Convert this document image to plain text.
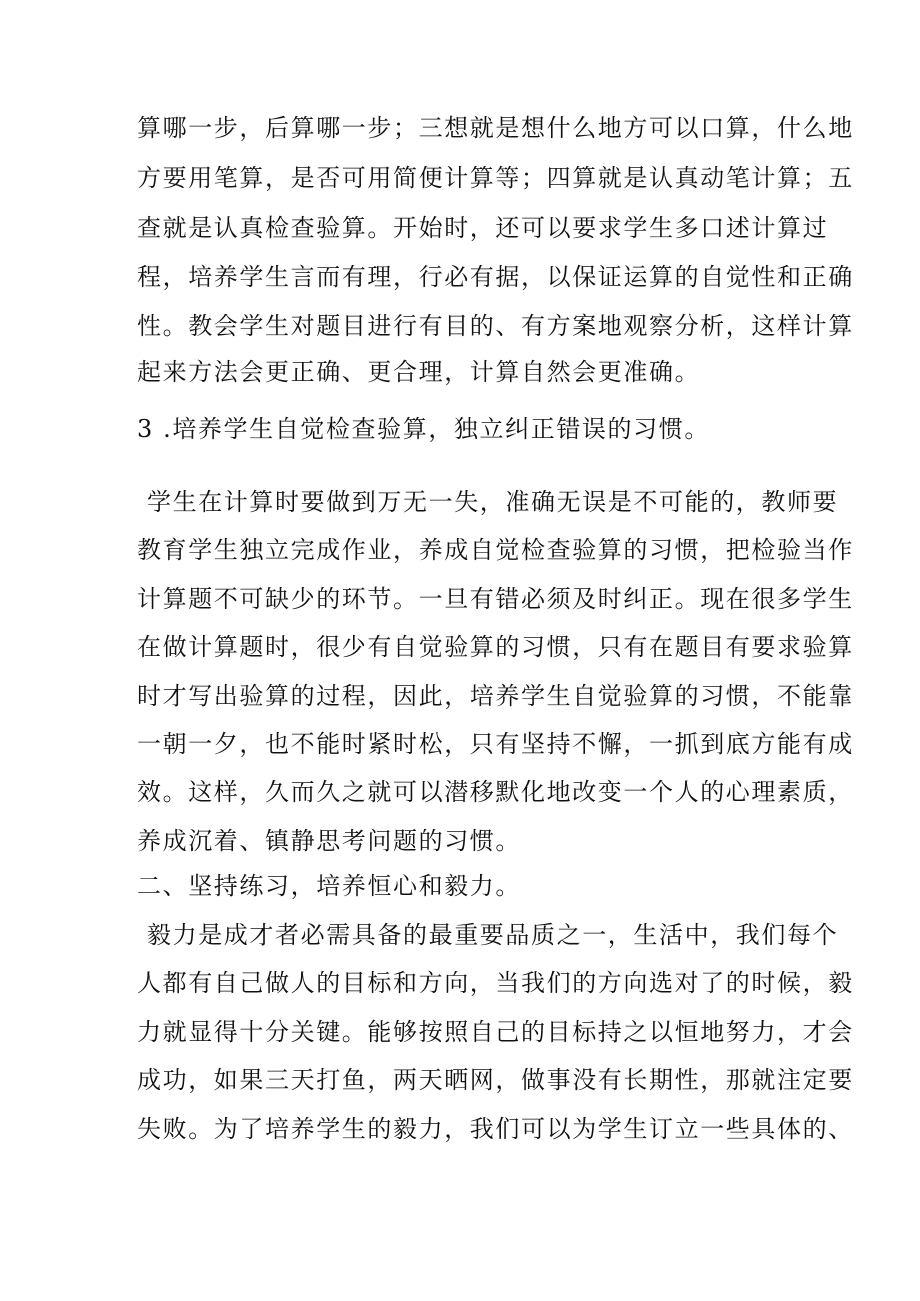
算哪一步，后算哪一步；三想就是想什么地方可以口算，什么地
方要用笔算，是否可用简便计算等；四算就是认真动笔计算；五
查就是认真检查验算。开始时，还可以要求学生多口述计算过
程，培养学生言而有理，行必有据，以保证运算的自觉性和正确
性。教会学生对题目进行有目的、有方案地观察分析，这样计算
起来方法会更正确、更合理，计算自然会更准确。
3 .培养学生自觉检查验算，独立纠正错误的习惯。
学生在计算时要做到万无一失，准确无误是不可能的，教师要
教育学生独立完成作业，养成自觉检查验算的习惯，把检验当作
计算题不可缺少的环节。一旦有错必须及时纠正。现在很多学生
在做计算题时，很少有自觉验算的习惯，只有在题目有要求验算
时才写出验算的过程，因此，培养学生自觉验算的习惯，不能靠
一朝一夕，也不能时紧时松，只有坚持不懈，一抓到底方能有成
效。这样，久而久之就可以潜移默化地改变一个人的心理素质，
养成沉着、镇静思考问题的习惯。
二、坚持练习，培养恒心和毅力。
毅力是成才者必需具备的最重要品质之一，生活中，我们每个
人都有自己做人的目标和方向，当我们的方向选对了的时候，毅
力就显得十分关键。能够按照自己的目标持之以恒地努力，才会
成功，如果三天打鱼，两天晒网，做事没有长期性，那就注定要
失败。为了培养学生的毅力，我们可以为学生订立一些具体的、
